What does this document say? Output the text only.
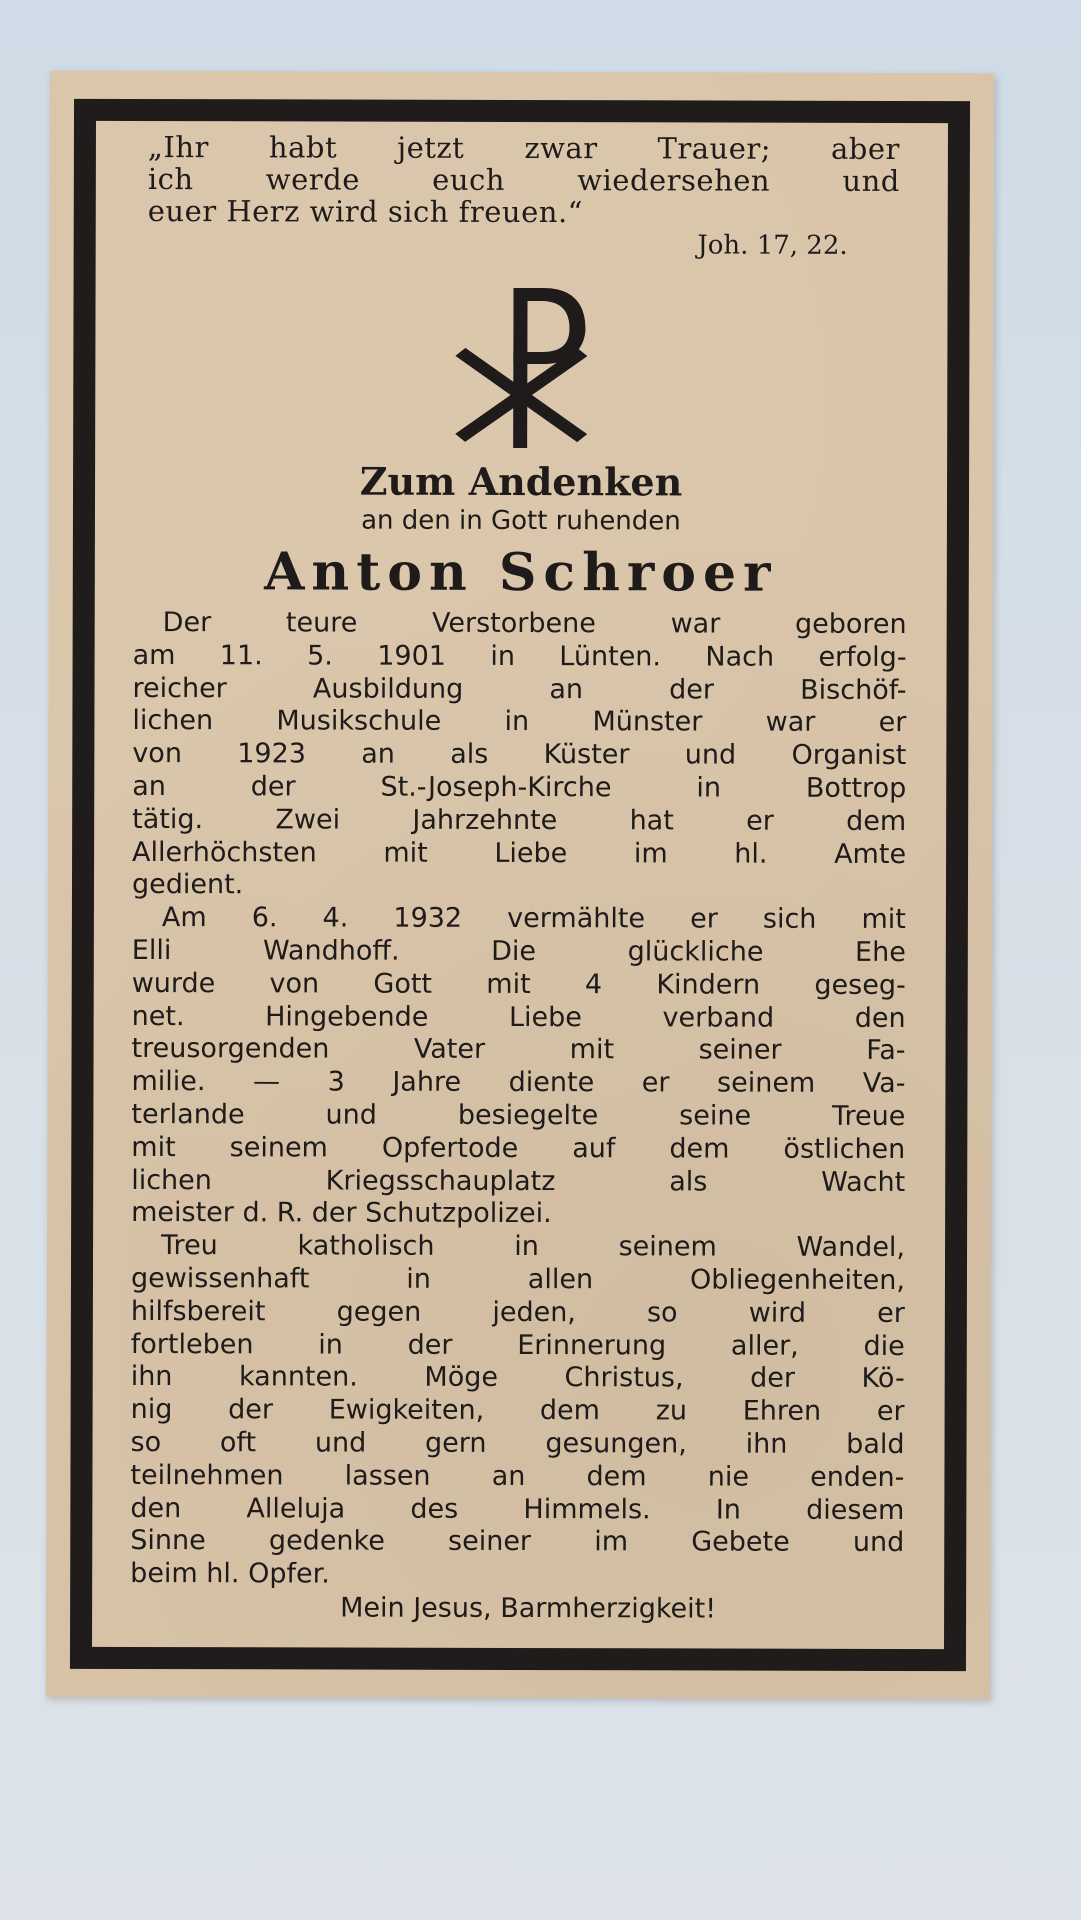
„Ihr habt jetzt zwar Trauer; aber
ich werde euch wiedersehen und
euer Herz wird sich freuen.“

Joh. 17, 22.

Zum Andenken
an den in Gott ruhenden
Anton Schroer
Der teure Verstorbene war geboren
am 11. 5. 1901 in Lünten. Nach erfolg-
reicher Ausbildung an der Bischöf-
lichen Musikschule in Münster war er
von 1923 an als Küster und Organist
an der St.-Joseph-Kirche in Bottrop
tätig. Zwei Jahrzehnte hat er dem
Allerhöchsten mit Liebe im hl. Amte
gedient.
Am 6. 4. 1932 vermählte er sich mit
Elli Wandhoff. Die glückliche Ehe
wurde von Gott mit 4 Kindern geseg-
net. Hingebende Liebe verband den
treusorgenden Vater mit seiner Fa-
milie. — 3 Jahre diente er seinem Va-
terlande und besiegelte seine Treue
mit seinem Opfertode auf dem östlichen
lichen Kriegsschauplatz als Wacht
meister d. R. der Schutzpolizei.
Treu katholisch in seinem Wandel,
gewissenhaft in allen Obliegenheiten,
hilfsbereit gegen jeden, so wird er
fortleben in der Erinnerung aller, die
ihn kannten. Möge Christus, der Kö-
nig der Ewigkeiten, dem zu Ehren er
so oft und gern gesungen, ihn bald
teilnehmen lassen an dem nie enden-
den Alleluja des Himmels. In diesem
Sinne gedenke seiner im Gebete und
beim hl. Opfer.
Mein Jesus, Barmherzigkeit!
